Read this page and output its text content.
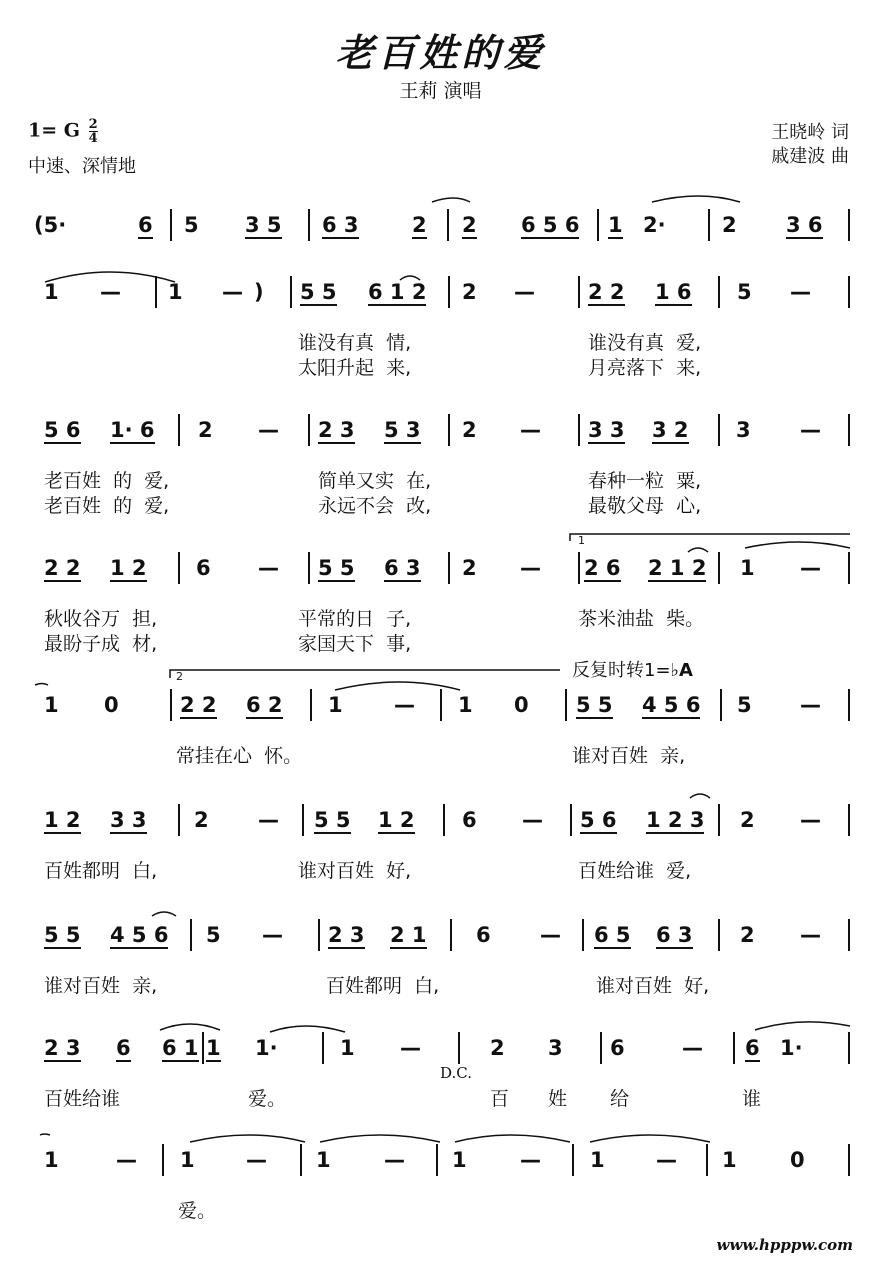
老百姓的爱
王莉 演唱
1= G $\frac{2}{4}$
中速、深情地
王晓岭 词
戚建波 曲
(5·	6 5 3 5 6 3	2 2 6 5 6 1 2·	2 3 6
1 — 1 — ) 5 5 6 1 2 2 —	2 2 1 6 5 —
谁没有真  情,	谁没有真  爱,
太阳升起  来,	月亮落下  来,
5 6 1· 6 2 — 2 3 5 3 2 — 3 3 3 2 3 —
老百姓  的  爱,	简单又实  在,	春种一粒  粟,
老百姓  的  爱,	永远不会  改,	最敬父母  心,
2 2 1 2 6 — 5 5 6 3 2 — 2 6 2 1 2 1 —
秋收谷万  担,	平常的日  子,	茶米油盐  柴。
最盼子成  材,	家国天下  事,
1 0	2 2 6 2 1 — 1 0 5 5 4 5 6 5 —
常挂在心  怀。	谁对百姓  亲,
1 2 3 3 2 — 5 5 1 2 6 — 5 6 1 2 3 2 —
百姓都明  白,	谁对百姓  好,	百姓给谁  爱,
5 5 4 5 6 5 — 2 3 2 1 6 — 6 5 6 3 2 —
谁对百姓  亲,	百姓都明  白,	谁对百姓  好,
2 3 6 6 1 1 1·	1 —	2 3 6	— 6 1·
百姓给谁	爱。	百 姓 给	谁
1	— 1 — 1	— 1	— 1 — 1	0
爱。
1
2	反复时转1=♭A
D.C.
www.hpppw.com
